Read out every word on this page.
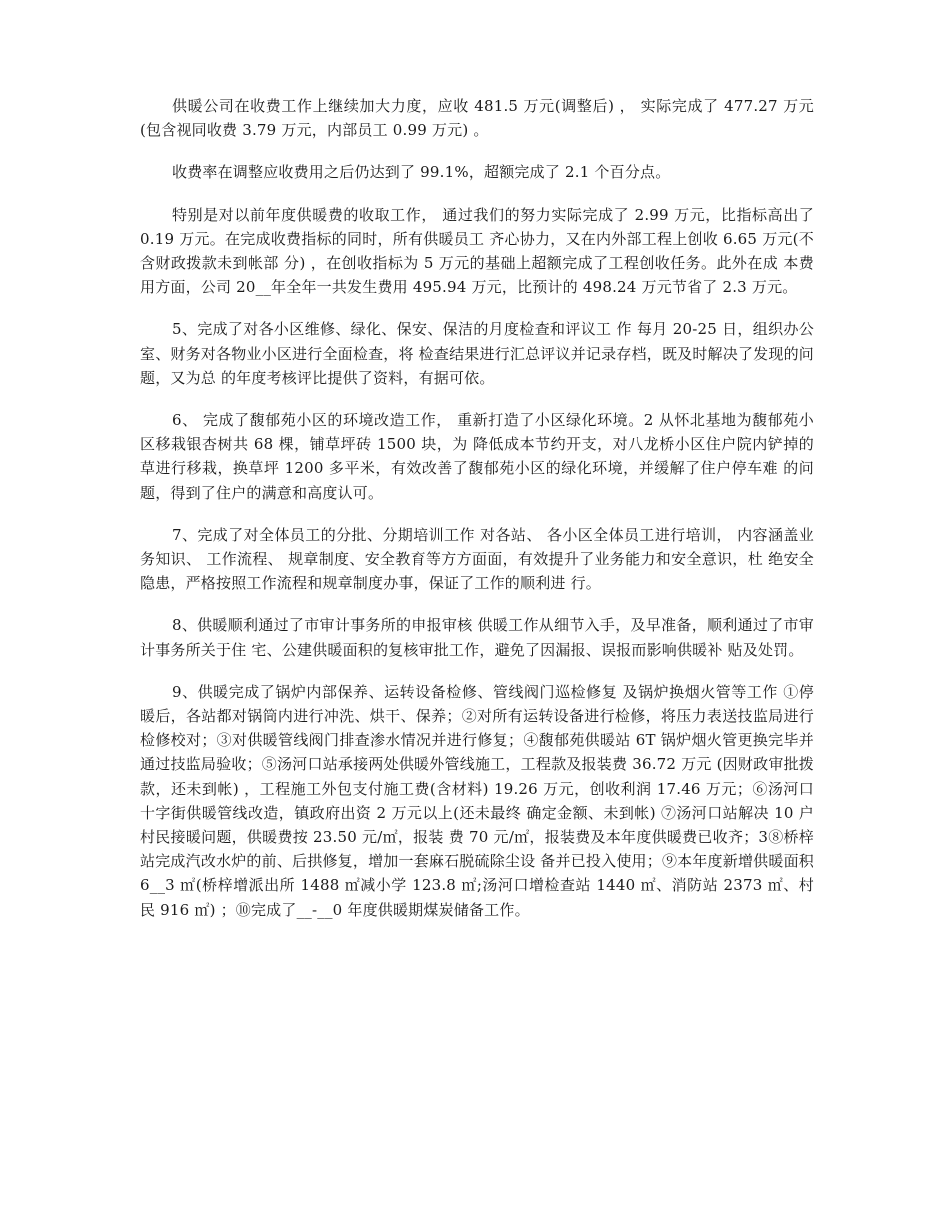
供暖公司在收费工作上继续加大力度，应收 481.5 万元(调整后) ， 实际完成了 477.27 万元(包含视同收费 3.79 万元，内部员工 0.99 万元) 。

收费率在调整应收费用之后仍达到了 99.1%，超额完成了 2.1 个百分点。

特别是对以前年度供暖费的收取工作， 通过我们的努力实际完成了 2.99 万元，比指标高出了 0.19 万元。在完成收费指标的同时，所有供暖员工 齐心协力，又在内外部工程上创收 6.65 万元(不含财政拨款未到帐部 分) ，在创收指标为 5 万元的基础上超额完成了工程创收任务。此外在成 本费用方面，公司 20__年全年一共发生费用 495.94 万元，比预计的 498.24 万元节省了 2.3 万元。

5、完成了对各小区维修、绿化、保安、保洁的月度检查和评议工 作 每月 20-25 日，组织办公室、财务对各物业小区进行全面检查，将 检查结果进行汇总评议并记录存档，既及时解决了发现的问题，又为总 的年度考核评比提供了资料，有据可依。

6、 完成了馥郁苑小区的环境改造工作， 重新打造了小区绿化环境。2 从怀北基地为馥郁苑小区移栽银杏树共 68 棵，铺草坪砖 1500 块，为 降低成本节约开支，对八龙桥小区住户院内铲掉的草进行移栽，换草坪 1200 多平米，有效改善了馥郁苑小区的绿化环境，并缓解了住户停车难 的问题，得到了住户的满意和高度认可。

7、完成了对全体员工的分批、分期培训工作 对各站、 各小区全体员工进行培训， 内容涵盖业务知识、 工作流程、 规章制度、安全教育等方方面面，有效提升了业务能力和安全意识，杜 绝安全隐患，严格按照工作流程和规章制度办事，保证了工作的顺利进 行。

8、供暖顺利通过了市审计事务所的申报审核 供暖工作从细节入手，及早准备，顺利通过了市审计事务所关于住 宅、公建供暖面积的复核审批工作，避免了因漏报、误报而影响供暖补 贴及处罚。

9、供暖完成了锅炉内部保养、运转设备检修、管线阀门巡检修复 及锅炉换烟火管等工作 ①停暖后，各站都对锅筒内进行冲洗、烘干、保养；②对所有运转设备进行检修，将压力表送技监局进行检修校对；③对供暖管线阀门排查渗水情况并进行修复；④馥郁苑供暖站 6T 锅炉烟火管更换完毕并通过技监局验收；⑤汤河口站承接两处供暖外管线施工，工程款及报装费 36.72 万元 (因财政审批拨款，还未到帐) ，工程施工外包支付施工费(含材料) 19.26 万元，创收利润 17.46 万元；⑥汤河口十字街供暖管线改造，镇政府出资 2 万元以上(还未最终 确定金额、未到帐) ⑦汤河口站解决 10 户村民接暖问题，供暖费按 23.50 元/㎡，报装 费 70 元/㎡，报装费及本年度供暖费已收齐；3⑧桥梓站完成汽改水炉的前、后拱修复，增加一套麻石脱硫除尘设 备并已投入使用；⑨本年度新增供暖面积 6__3 ㎡(桥梓增派出所 1488 ㎡减小学 123.8 ㎡;汤河口增检查站 1440 ㎡、消防站 2373 ㎡、村民 916 ㎡) ；⑩完成了__-__0 年度供暖期煤炭储备工作。
